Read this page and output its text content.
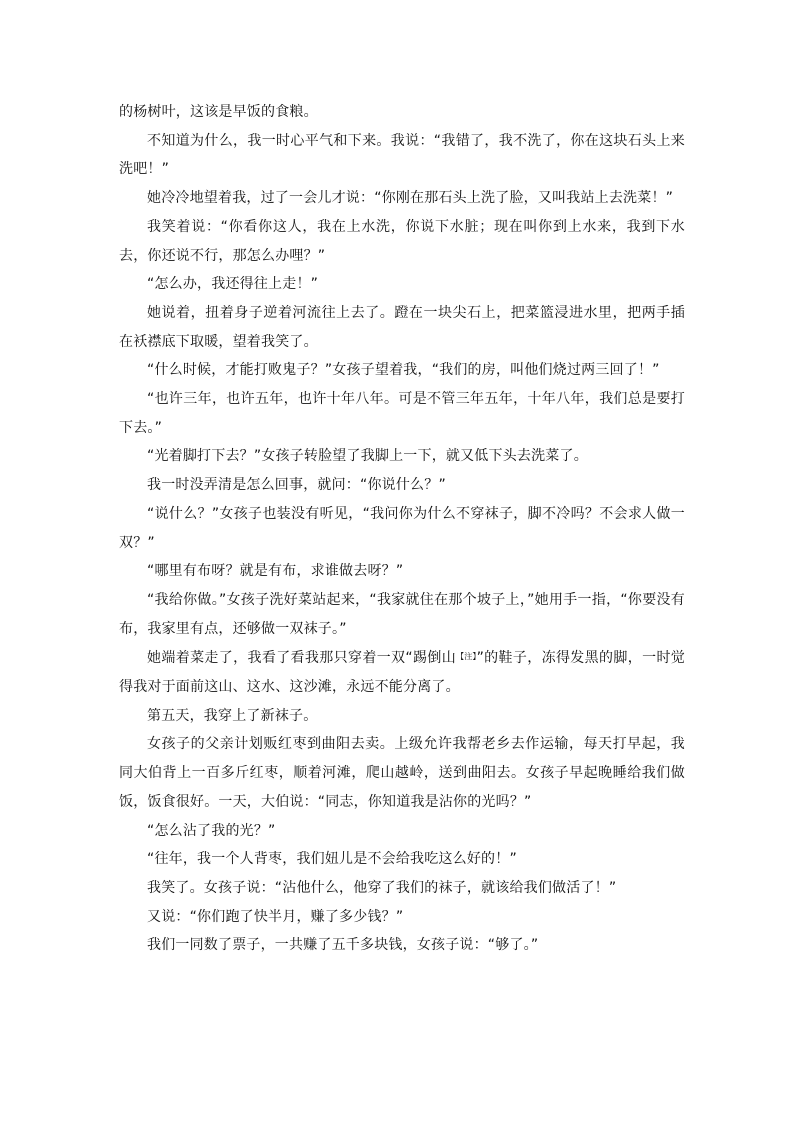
的杨树叶，这该是早饭的食粮。

不知道为什么，我一时心平气和下来。我说：“我错了，我不洗了，你在这块石头上来洗吧！”

她冷冷地望着我，过了一会儿才说：“你刚在那石头上洗了脸，又叫我站上去洗菜！”

我笑着说：“你看你这人，我在上水洗，你说下水脏；现在叫你到上水来，我到下水去，你还说不行，那怎么办哩？”

“怎么办，我还得往上走！”

她说着，扭着身子逆着河流往上去了。蹬在一块尖石上，把菜篮浸进水里，把两手插在袄襟底下取暖，望着我笑了。

“什么时候，才能打败鬼子？”女孩子望着我，“我们的房，叫他们烧过两三回了！”

“也许三年，也许五年，也许十年八年。可是不管三年五年，十年八年，我们总是要打下去。”

“光着脚打下去？”女孩子转脸望了我脚上一下，就又低下头去洗菜了。

我一时没弄清是怎么回事，就问：“你说什么？”

“说什么？”女孩子也装没有听见，“我问你为什么不穿袜子，脚不冷吗？不会求人做一双？”

“哪里有布呀？就是有布，求谁做去呀？”

“我给你做。”女孩子洗好菜站起来，“我家就住在那个坡子上，”她用手一指，“你要没有布，我家里有点，还够做一双袜子。”

她端着菜走了，我看了看我那只穿着一双“踢倒山$^{【注】}$”的鞋子，冻得发黑的脚，一时觉得我对于面前这山、这水、这沙滩，永远不能分离了。

第五天，我穿上了新袜子。

女孩子的父亲计划贩红枣到曲阳去卖。上级允许我帮老乡去作运输，每天打早起，我同大伯背上一百多斤红枣，顺着河滩，爬山越岭，送到曲阳去。女孩子早起晚睡给我们做饭，饭食很好。一天，大伯说：“同志，你知道我是沾你的光吗？”

“怎么沾了我的光？”

“往年，我一个人背枣，我们妞儿是不会给我吃这么好的！”

我笑了。女孩子说：“沾他什么，他穿了我们的袜子，就该给我们做活了！”

又说：“你们跑了快半月，赚了多少钱？”

我们一同数了票子，一共赚了五千多块钱，女孩子说：“够了。”
